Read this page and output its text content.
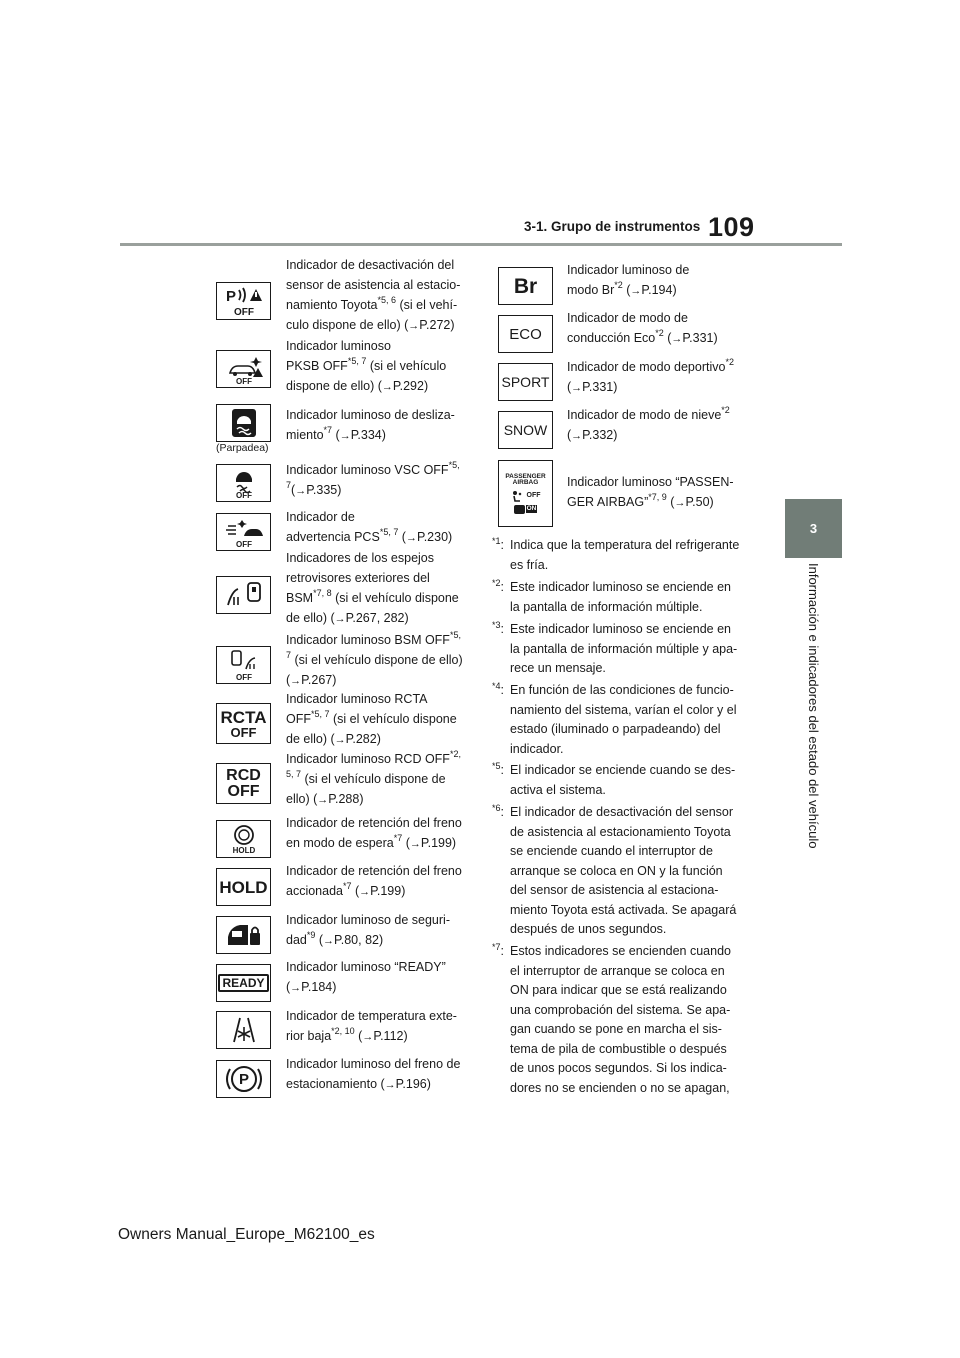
3-1. Grupo de instrumentos 109
3
Información e indicadores del estado del vehículo
P
OFF
Indicador de desactivación del
sensor de asistencia al estacio-
namiento Toyota$^{*5, 6}$ (si el vehí-
culo dispone de ello) (→P.272)
OFF
Indicador luminoso
PKSB OFF$^{*5, 7}$ (si el vehículo
dispone de ello) (→P.292)
(Parpadea)
Indicador luminoso de desliza-
miento$^{*7}$ (→P.334)
OFF
Indicador luminoso VSC $OFF^{*5,}$
$^7$(→P.335)
OFF
Indicador de
advertencia PCS$^{*5, 7}$ (→P.230)
Indicadores de los espejos
retrovisores exteriores del
BSM$^{*7, 8}$ (si el vehículo dispone
de ello) (→P.267, 282)
OFF
Indicador luminoso BSM $OFF^{*5,}$
$^7$ (si el vehículo dispone de ello)
(→P.267)
RCTA
OFF
Indicador luminoso RCTA
OFF$^{*5, 7}$ (si el vehículo dispone
de ello) (→P.282)
RCD
OFF
Indicador luminoso RCD $OFF^{*2,}$
$^{5, 7}$ (si el vehículo dispone de
ello) (→P.288)
HOLD
Indicador de retención del freno
en modo de espera$^{*7}$ (→P.199)
HOLD
Indicador de retención del freno
accionada$^{*7}$ (→P.199)
Indicador luminoso de seguri-
dad$^{*9}$ (→P.80, 82)
READY
Indicador luminoso “READY”
(→P.184)
Indicador de temperatura exte-
rior baja$^{*2, 10}$ (→P.112)
P
Indicador luminoso del freno de
estacionamiento (→P.196)
Br
Indicador luminoso de
modo Br$^{*2}$ (→P.194)
ECO
Indicador de modo de
conducción Eco$^{*2}$ (→P.331)
SPORT
Indicador de modo deportivo$^{*2}$
(→P.331)
SNOW
Indicador de modo de nieve$^{*2}$
(→P.332)
PASSENGER
AIRBAG
OFF
ON
Indicador luminoso “PASSEN-
GER AIRBAG”$^{*7, 9}$ (→P.50)
$^{*1}$: Indica que la temperatura del refrigerante
es fría.
$^{*2}$: Este indicador luminoso se enciende en
la pantalla de información múltiple.
$^{*3}$: Este indicador luminoso se enciende en
la pantalla de información múltiple y apa-
rece un mensaje.
$^{*4}$: En función de las condiciones de funcio-
namiento del sistema, varían el color y el
estado (iluminado o parpadeando) del
indicador.
$^{*5}$: El indicador se enciende cuando se des-
activa el sistema.
$^{*6}$: El indicador de desactivación del sensor
de asistencia al estacionamiento Toyota
se enciende cuando el interruptor de
arranque se coloca en ON y la función
del sensor de asistencia al estaciona-
miento Toyota está activada. Se apagará
después de unos segundos.
$^{*7}$: Estos indicadores se encienden cuando
el interruptor de arranque se coloca en
ON para indicar que se está realizando
una comprobación del sistema. Se apa-
gan cuando se pone en marcha el sis-
tema de pila de combustible o después
de unos pocos segundos. Si los indica-
dores no se encienden o no se apagan,
Owners Manual_Europe_M62100_es
